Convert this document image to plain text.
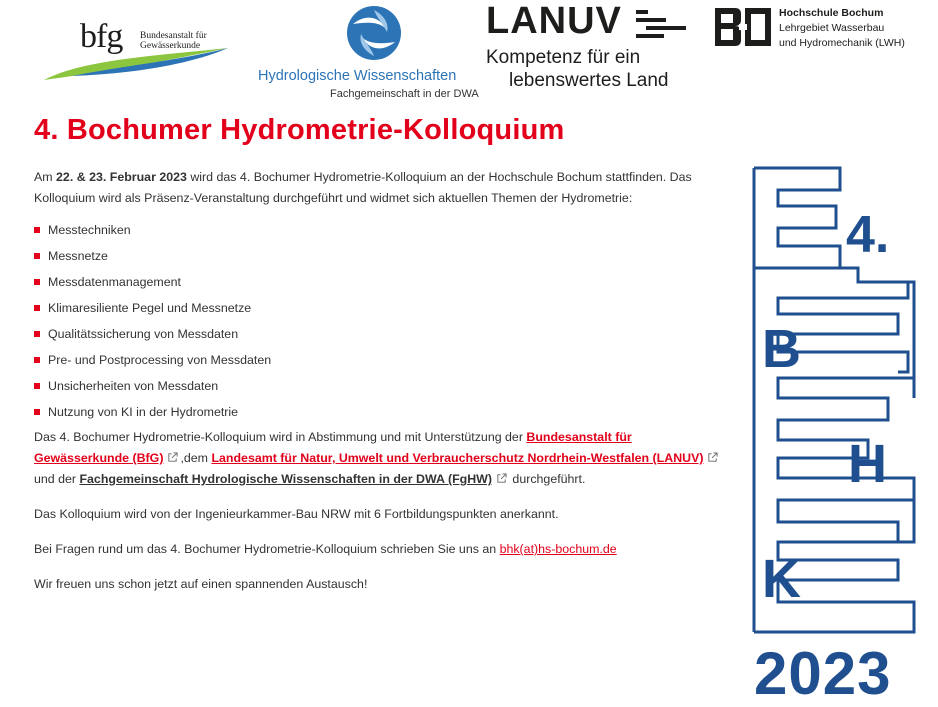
bfg Bundesanstalt für
Gewässerkunde
Hydrologische Wissenschaften
Fachgemeinschaft in der DWA
LANUV
Kompetenz für ein
lebenswertes Land
Hochschule Bochum
Lehrgebiet Wasserbau
und Hydromechanik (LWH)
4. Bochumer Hydrometrie-Kolloquium

Am 22. & 23. Februar 2023 wird das 4. Bochumer Hydrometrie-Kolloquium an der Hochschule Bochum stattfinden. Das Kolloquium wird als Präsenz-Veranstaltung durchgeführt und widmet sich aktuellen Themen der Hydrometrie:

Messtechniken
Messnetze
Messdatenmanagement
Klimaresiliente Pegel und Messnetze
Qualitätssicherung von Messdaten
Pre- und Postprocessing von Messdaten
Unsicherheiten von Messdaten
Nutzung von KI in der Hydrometrie

Das 4. Bochumer Hydrometrie-Kolloquium wird in Abstimmung und mit Unterstützung der Bundesanstalt für Gewässerkunde (BfG) ,dem Landesamt für Natur, Umwelt und Verbraucherschutz Nordrhein-Westfalen (LANUV)und der Fachgemeinschaft Hydrologische Wissenschaften in der DWA (FgHW) durchgeführt.

Das Kolloquium wird von der Ingenieurkammer-Bau NRW mit 6 Fortbildungspunkten anerkannt.

Bei Fragen rund um das 4. Bochumer Hydrometrie-Kolloquium schrieben Sie uns an bhk(at)hs-bochum.de

Wir freuen uns schon jetzt auf einen spannenden Austausch!

4.
B
H
K
2023
